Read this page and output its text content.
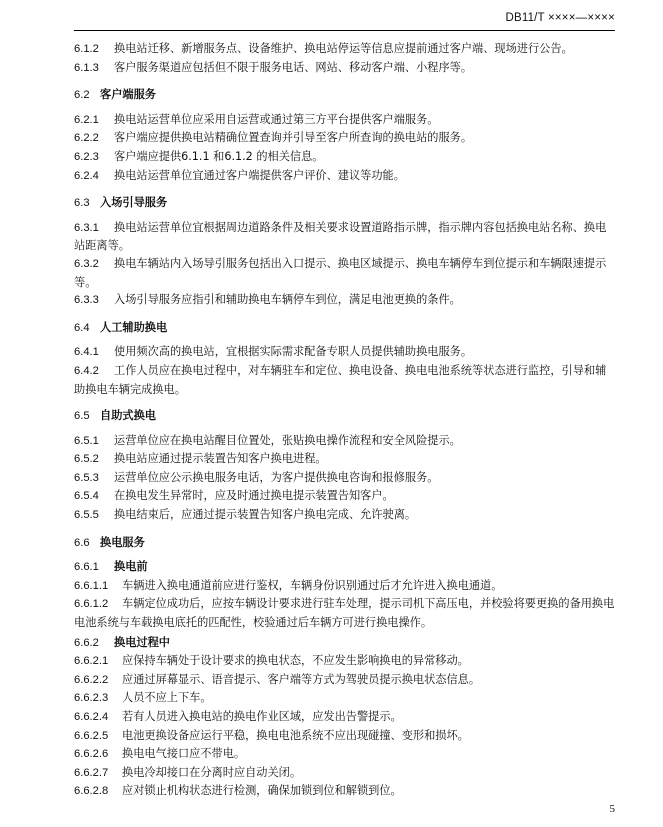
DB11/T ××××—××××
6.1.2 换电站迁移、新增服务点、设备维护、换电站停运等信息应提前通过客户端、现场进行公告。
6.1.3 客户服务渠道应包括但不限于服务电话、网站、移动客户端、小程序等。
6.2 客户端服务
6.2.1 换电站运营单位应采用自运营或通过第三方平台提供客户端服务。
6.2.2 客户端应提供换电站精确位置查询并引导至客户所查询的换电站的服务。
6.2.3 客户端应提供6.1.1 和6.1.2 的相关信息。
6.2.4 换电站运营单位宜通过客户端提供客户评价、建议等功能。
6.3 入场引导服务
6.3.1 换电站运营单位宜根据周边道路条件及相关要求设置道路指示牌，指示牌内容包括换电站名称、换电站距离等。
6.3.2 换电车辆站内入场导引服务包括出入口提示、换电区域提示、换电车辆停车到位提示和车辆限速提示等。
6.3.3 入场引导服务应指引和辅助换电车辆停车到位，满足电池更换的条件。
6.4 人工辅助换电
6.4.1 使用频次高的换电站，宜根据实际需求配备专职人员提供辅助换电服务。
6.4.2 工作人员应在换电过程中，对车辆驻车和定位、换电设备、换电电池系统等状态进行监控，引导和辅助换电车辆完成换电。
6.5 自助式换电
6.5.1 运营单位应在换电站醒目位置处，张贴换电操作流程和安全风险提示。
6.5.2 换电站应通过提示装置告知客户换电进程。
6.5.3 运营单位应公示换电服务电话，为客户提供换电咨询和报修服务。
6.5.4 在换电发生异常时，应及时通过换电提示装置告知客户。
6.5.5 换电结束后，应通过提示装置告知客户换电完成、允许驶离。
6.6 换电服务
6.6.1 换电前
6.6.1.1 车辆进入换电通道前应进行鉴权，车辆身份识别通过后才允许进入换电通道。
6.6.1.2 车辆定位成功后，应按车辆设计要求进行驻车处理，提示司机下高压电，并校验将要更换的备用换电电池系统与车载换电底托的匹配性，校验通过后车辆方可进行换电操作。
6.6.2 换电过程中
6.6.2.1 应保持车辆处于设计要求的换电状态，不应发生影响换电的异常移动。
6.6.2.2 应通过屏幕显示、语音提示、客户端等方式为驾驶员提示换电状态信息。
6.6.2.3 人员不应上下车。
6.6.2.4 若有人员进入换电站的换电作业区域，应发出告警提示。
6.6.2.5 电池更换设备应运行平稳，换电电池系统不应出现碰撞、变形和损坏。
6.6.2.6 换电电气接口应不带电。
6.6.2.7 换电冷却接口在分离时应自动关闭。
6.6.2.8 应对锁止机构状态进行检测，确保加锁到位和解锁到位。
5
